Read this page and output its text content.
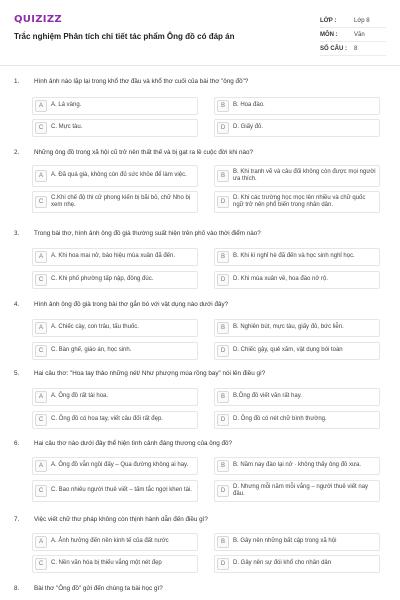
QUIZIZZ
Trắc nghiệm Phân tích chi tiết tác phẩm Ông đồ có đáp án
LỚP :	Lớp 8
MÔN :	Văn
SỐ CÂU :	8
1. Hình ảnh nào lặp lại trong khổ thơ đầu và khổ thơ cuối của bài thơ "ông đồ"?
A	A. Lá vàng.	B	B. Hoa đào.
C	C. Mực tàu.	D	D. Giấy đỏ.
2. Những ông đồ trong xã hội cũ trở nên thất thế và bị gạt ra lề cuộc đời khi nào?
A	A. Đã quá già, không còn đủ sức khỏe để làm việc.	B
B. Khi tranh vẽ và câu đối không còn được mọi người ưa thích.
C
C.Khi chế độ thi cử phong kiến bị bãi bỏ, chữ Nho bị xem nhẹ.	D
D. Khi các trường học mọc lên nhiều và chữ quốc ngữ trở nên phổ biến trong nhân dân.
3. Trong bài thơ, hình ảnh ông đồ già thường suất hiện trên phố vào thời điểm nào?
A	A. Khi hoa mai nở, báo hiệu mùa xuân đã đến.	B	B. Khi kì nghỉ hè đã đến và học sinh nghỉ học.
C	C. Khi phố phường tấp nập, đông đúc.	D	D. Khi mùa xuân về, hoa đào nở rộ.
4. Hình ảnh ông đồ già trong bài thơ gắn bó với vật dụng nào dưới đây?
A	A. Chiếc cày, con trâu, tấu thuốc.	B	B. Nghiên bút, mực tàu, giấy đỏ, bức liễn.
C	C. Bàn ghế, giáo án, học sinh.	D	D. Chiếc gậy, quẻ xăm, vật dụng bói toán
5. Hai câu thơ: "Hoa tay thảo những nét/ Như phượng múa rồng bay" nói lên điều gì?
A	A. Ông đồ rất tài hoa.	B	B.Ông đồ viết văn rất hay.
C	C. Ông đồ có hoa tay, viết câu đối rất đẹp.	D	D. Ông đồ có nét chữ bình thường.
6. Hai câu thơ nào dưới đây thể hiện tình cảnh đáng thương của ông đồ?
A	A. Ông đồ vẫn ngồi đấy – Qua đường không ai hay.	B	B. Năm nay đào lại nở · không thấy ông đồ xưa.
C	C. Bao nhiêu người thuê viết – tấm tắc ngợi khen tài.	D
D. Nhưng mỗi năm mỗi vắng – người thuê viết nay đâu.
7. Việc viết chữ thư pháp không còn thịnh hành dẫn đến điều gì?
A	A. Ảnh hưởng đến nền kinh tế của đất nước	B	B. Gây nên những bất cập trong xã hội
C	C. Nền văn hóa bị thiếu vắng một nét đẹp	D	D. Gây nên sự đói khổ cho nhân dân
8. Bài thơ "Ông đồ" gửi đến chúng ta bài học gì?
